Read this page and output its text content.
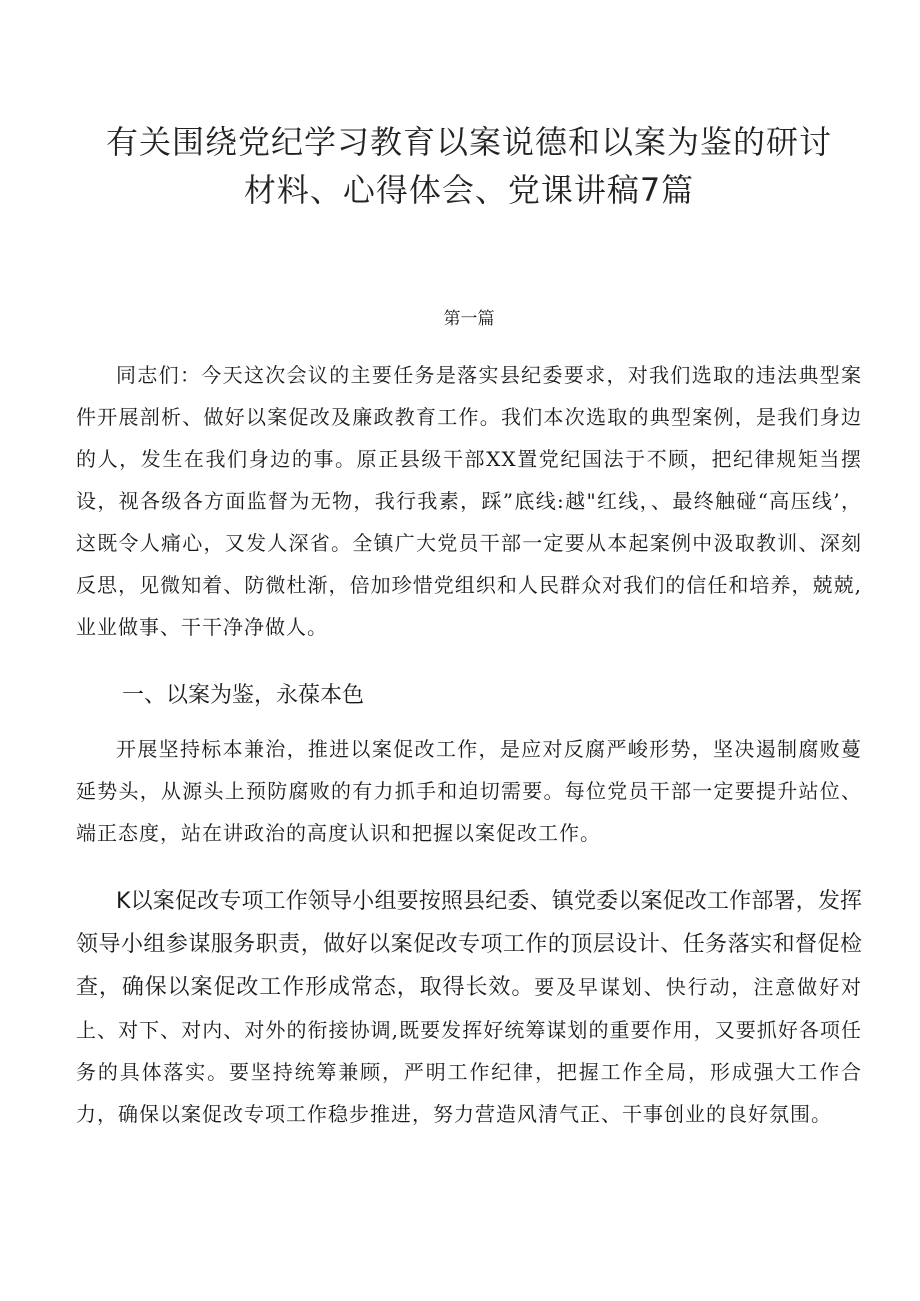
有关围绕党纪学习教育以案说德和以案为鉴的研讨
材料、心得体会、党课讲稿7篇

第一篇

同志们：今天这次会议的主要任务是落实县纪委要求，对我们选取的违法典型案件开展剖析、做好以案促改及廉政教育工作。我们本次选取的典型案例，是我们身边的人，发生在我们身边的事。原正县级干部XX置党纪国法于不顾，把纪律规矩当摆设，视各级各方面监督为无物，我行我素，踩”底线:越"红线，、最终触碰“高压线’，这既令人痛心，又发人深省。全镇广大党员干部一定要从本起案例中汲取教训、深刻反思，见微知着、防微杜渐，倍加珍惜党组织和人民群众对我们的信任和培养，兢兢,业业做事、干干净净做人。

一、以案为鉴，永葆本色

开展坚持标本兼治，推进以案促改工作，是应对反腐严峻形势，坚决遏制腐败蔓延势头，从源头上预防腐败的有力抓手和迫切需要。每位党员干部一定要提升站位、端正态度，站在讲政治的高度认识和把握以案促改工作。

K以案促改专项工作领导小组要按照县纪委、镇党委以案促改工作部署，发挥领导小组参谋服务职责，做好以案促改专项工作的顶层设计、任务落实和督促检查，确保以案促改工作形成常态，取得长效。要及早谋划、快行动，注意做好对上、对下、对内、对外的衔接协调,既要发挥好统筹谋划的重要作用，又要抓好各项任务的具体落实。要坚持统筹兼顾，严明工作纪律，把握工作全局，形成强大工作合力，确保以案促改专项工作稳步推进，努力营造风清气正、干事创业的良好氛围。
